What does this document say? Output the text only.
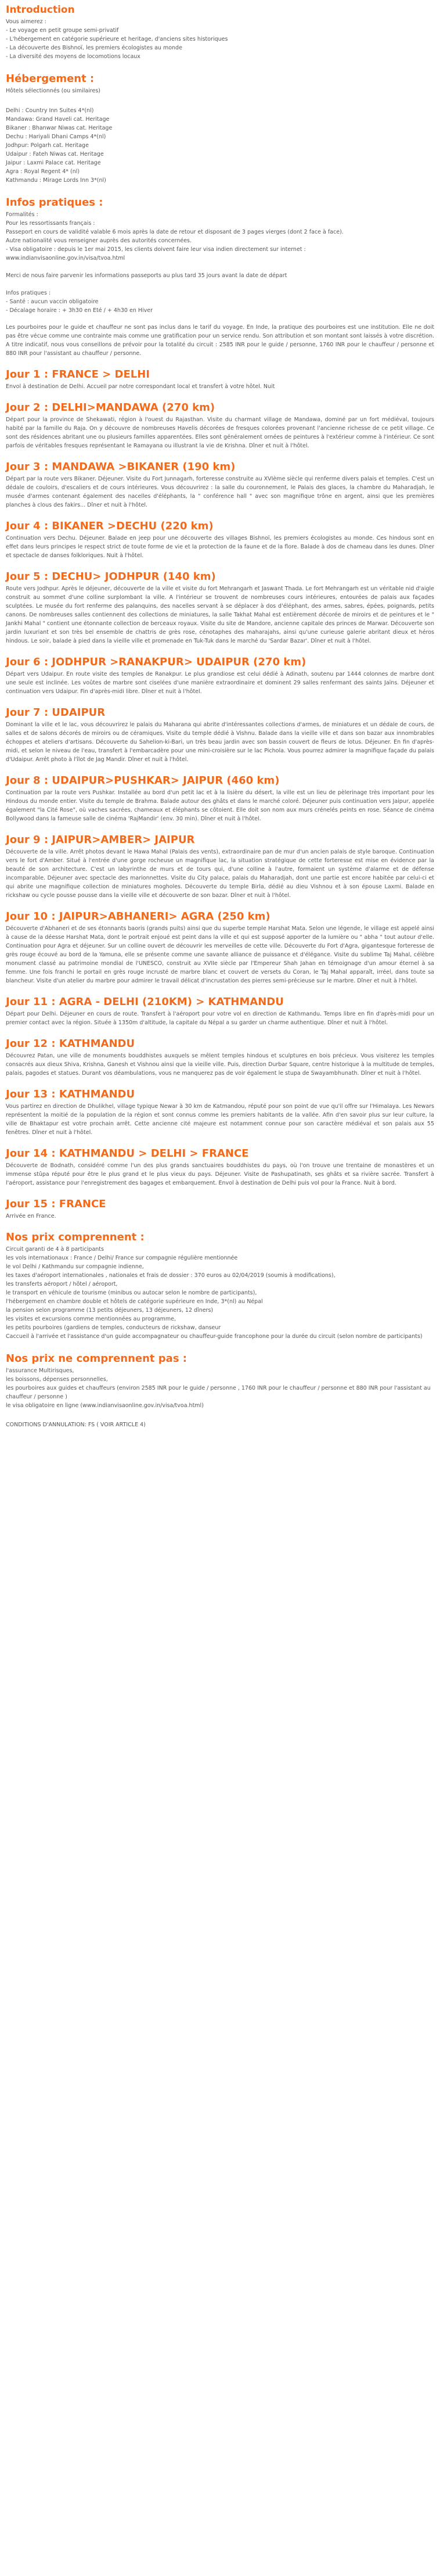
Introduction
Vous aimerez :
- Le voyage en petit groupe semi-privatif
- L'hébergement en catégorie supérieure et heritage, d'anciens sites historiques
- La découverte des Bishnoï, les premiers écologistes au monde
- La diversité des moyens de locomotions locaux
Hébergement :
Hôtels sélectionnés (ou similaires)
Delhi : Country Inn Suites 4*(nl)
Mandawa: Grand Haveli cat. Heritage
Bikaner : Bhanwar Niwas cat. Heritage
Dechu : Hariyali Dhani Camps 4*(nl)
Jodhpur: Polgarh cat. Heritage
Udaipur : Fateh Niwas cat. Heritage
Jaipur : Laxmi Palace cat. Heritage
Agra : Royal Regent 4* (nl)
Kathmandu : Mirage Lords Inn 3*(nl)
Infos pratiques :
Formalités :
Pour les ressortissants français :
Passeport en cours de validité valable 6 mois après la date de retour et disposant de 3 pages vierges (dont 2 face à face).
Autre nationalité vous renseigner auprès des autorités concernées.
- Visa obligatoire : depuis le 1er mai 2015, les clients doivent faire leur visa indien directement sur internet :
www.indianvisaonline.gov.in/visa/tvoa.html
Merci de nous faire parvenir les informations passeports au plus tard 35 jours avant la date de départ
Infos pratiques :
- Santé : aucun vaccin obligatoire
- Décalage horaire : + 3h30 en Eté / + 4h30 en Hiver

Les pourboires pour le guide et chauffeur ne sont pas inclus dans le tarif du voyage. En Inde, la pratique des pourboires est une institution. Elle ne doit pas être vécue comme une contrainte mais comme une gratification pour un service rendu. Son attribution et son montant sont laissés à votre discrétion. A titre indicatif, nous vous conseillons de prévoir pour la totalité du circuit : 2585 INR pour le guide / personne, 1760 INR pour le chauffeur / personne et 880 INR pour l'assistant au chauffeur / personne.

Jour 1 : FRANCE > DELHI

Envol à destination de Delhi. Accueil par notre correspondant local et transfert à votre hôtel. Nuit

Jour 2 : DELHI>MANDAWA (270 km)

Départ pour la province de Shekawati, région à l'ouest du Rajasthan. Visite du charmant village de Mandawa, dominé par un fort médiéval, toujours habité par la famille du Raja. On y découvre de nombreuses Havelis décorées de fresques colorées provenant l'ancienne richesse de ce petit village. Ce sont des résidences abritant une ou plusieurs familles apparentées. Elles sont généralement ornées de peintures à l'extérieur comme à l'intérieur. Ce sont parfois de véritables fresques représentant le Ramayana ou illustrant la vie de Krishna. Dîner et nuit à l'hôtel.

Jour 3 : MANDAWA >BIKANER (190 km)

Départ par la route vers Bikaner. Déjeuner. Visite du Fort Junnagarh, forteresse construite au XVIème siècle qui renferme divers palais et temples. C'est un dédale de couloirs, d'escaliers et de cours intérieures. Vous découvrirez : la salle du couronnement, le Palais des glaces, la chambre du Maharadjah, le musée d'armes contenant également des nacelles d'éléphants, la " conférence hall " avec son magnifique trône en argent, ainsi que les premières planches à clous des fakirs... Dîner et nuit à l'hôtel.

Jour 4 : BIKANER >DECHU (220 km)

Continuation vers Dechu. Déjeuner. Balade en jeep pour une découverte des villages Bishnoï, les premiers écologistes au monde. Ces hindous sont en effet dans leurs principes le respect strict de toute forme de vie et la protection de la faune et de la flore. Balade à dos de chameau dans les dunes. Dîner et spectacle de danses folkloriques. Nuit à l'hôtel.

Jour 5 : DECHU> JODHPUR (140 km)

Route vers Jodhpur. Après le déjeuner, découverte de la ville et visite du fort Mehrangarh et Jaswant Thada. Le fort Mehrangarh est un véritable nid d'aigle construit au sommet d'une colline surplombant la ville. A l'intérieur se trouvent de nombreuses cours intérieures, entourées de palais aux façades sculptées. Le musée du fort renferme des palanquins, des nacelles servant à se déplacer à dos d'éléphant, des armes, sabres, épées, poignards, petits canons. De nombreuses salles contiennent des collections de miniatures, la salle Takhat Mahal est entièrement décorée de miroirs et de peintures et le " Jankhi Mahal " contient une étonnante collection de berceaux royaux. Visite du site de Mandore, ancienne capitale des princes de Marwar. Découverte son jardin luxuriant et son très bel ensemble de chattris de grès rose, cénotaphes des maharajahs, ainsi qu'une curieuse galerie abritant dieux et héros hindous. Le soir, balade à pied dans la vieille ville et promenade en Tuk-Tuk dans le marché du 'Sardar Bazar'. Dîner et nuit à l'hôtel.

Jour 6 : JODHPUR >RANAKPUR> UDAIPUR (270 km)

Départ vers Udaipur. En route visite des temples de Ranakpur. Le plus grandiose est celui dédié à Adinath, soutenu par 1444 colonnes de marbre dont une seule est inclinée. Les voûtes de marbre sont ciselées d'une manière extraordinaire et dominent 29 salles renfermant des saints Jaïns. Déjeuner et continuation vers Udaipur. Fin d'après-midi libre. Dîner et nuit à l'hôtel.

Jour 7 : UDAIPUR

Dominant la ville et le lac, vous découvrirez le palais du Maharana qui abrite d'intéressantes collections d'armes, de miniatures et un dédale de cours, de salles et de salons décorés de miroirs ou de céramiques. Visite du temple dédié à Vishnu. Balade dans la vieille ville et dans son bazar aux innombrables échoppes et ateliers d'artisans. Découverte du Sahelion-ki-Bari, un très beau jardin avec son bassin couvert de fleurs de lotus. Déjeuner. En fin d'après-midi, et selon le niveau de l'eau, transfert à l'embarcadère pour une mini-croisière sur le lac Pichola. Vous pourrez admirer la magnifique façade du palais d'Udaipur. Arrêt photo à l'îlot de Jag Mandir. Dîner et nuit à l'hôtel.

Jour 8 : UDAIPUR>PUSHKAR> JAIPUR (460 km)

Continuation par la route vers Pushkar. Installée au bord d'un petit lac et à la lisière du désert, la ville est un lieu de pèlerinage très important pour les Hindous du monde entier. Visite du temple de Brahma. Balade autour des ghâts et dans le marché coloré. Déjeuner puis continuation vers Jaipur, appelée également "la Cité Rose", où vaches sacrées, chameaux et éléphants se côtoient. Elle doit son nom aux murs crénelés peints en rose. Séance de cinéma Bollywood dans la fameuse salle de cinéma 'RajMandir' (env. 30 min). Dîner et nuit à l'hôtel.

Jour 9 : JAIPUR>AMBER> JAIPUR

Découverte de la ville. Arrêt photos devant le Hawa Mahal (Palais des vents), extraordinaire pan de mur d'un ancien palais de style baroque. Continuation vers le fort d'Amber. Situé à l'entrée d'une gorge rocheuse un magnifique lac, la situation stratégique de cette forteresse est mise en évidence par la beauté de son architecture. C'est un labyrinthe de murs et de tours qui, d'une colline à l'autre, formaient un système d'alarme et de défense incomparable. Déjeuner avec spectacle des marionnettes. Visite du City palace, palais du Maharadjah, dont une partie est encore habitée par celui-ci et qui abrite une magnifique collection de miniatures mogholes. Découverte du temple Birla, dédié au dieu Vishnou et à son épouse Laxmi. Balade en rickshaw ou cycle pousse pousse dans la vieille ville et découverte de son bazar. Dîner et nuit à l'hôtel.

Jour 10 : JAIPUR>ABHANERI> AGRA (250 km)

Découverte d'Abhaneri et de ses étonnants baoris (grands puits) ainsi que du superbe temple Harshat Mata. Selon une légende, le village est appelé ainsi à cause de la déesse Harshat Mata, dont le portrait enjoué est peint dans la ville et qui est supposé apporter de la lumière ou " abha " tout autour d'elle. Continuation pour Agra et déjeuner. Sur un colline ouvert de découvrir les merveilles de cette ville. Découverte du Fort d'Agra, gigantesque forteresse de grès rouge écouvé au bord de la Yamuna, elle se présente comme une savante alliance de puissance et d'élégance. Visite du sublime Taj Mahal, célèbre monument classé au patrimoine mondial de l'UNESCO, construit au XVIIe siècle par l'Empereur Shah Jahan en témoignage d'un amour éternel à sa femme. Une fois franchi le portail en grès rouge incrusté de marbre blanc et couvert de versets du Coran, le Taj Mahal apparaît, irréel, dans toute sa blancheur. Visite d'un atelier du marbre pour admirer le travail délicat d'incrustation des pierres semi-précieuse sur le marbre. Dîner et nuit à l'hôtel.

Jour 11 : AGRA - DELHI (210KM) > KATHMANDU

Départ pour Delhi. Déjeuner en cours de route. Transfert à l'aéroport pour votre vol en direction de Kathmandu. Temps libre en fin d'après-midi pour un premier contact avec la région. Située à 1350m d'altitude, la capitale du Népal a su garder un charme authentique. Dîner et nuit à l'hôtel.

Jour 12 : KATHMANDU

Découvrez Patan, une ville de monuments bouddhistes auxquels se mêlent temples hindous et sculptures en bois précieux. Vous visiterez les temples consacrés aux dieux Shiva, Krishna, Ganesh et Vishnou ainsi que la vieille ville. Puis, direction Durbar Square, centre historique à la multitude de temples, palais, pagodes et statues. Durant vos déambulations, vous ne manquerez pas de voir également le stupa de Swayambhunath. Dîner et nuit à l'hôtel.

Jour 13 : KATHMANDU

Vous partirez en direction de Dhulikhel, village typique Newar à 30 km de Katmandou, réputé pour son point de vue qu'il offre sur l'Himalaya. Les Newars représentent la moitié de la population de la région et sont connus comme les premiers habitants de la vallée. Afin d'en savoir plus sur leur culture, la ville de Bhaktapur est votre prochain arrêt. Cette ancienne cité majeure est notamment connue pour son caractère médiéval et son palais aux 55 fenêtres. Dîner et nuit à l'hôtel.

Jour 14 : KATHMANDU > DELHI > FRANCE

Découverte de Bodnath, considéré comme l'un des plus grands sanctuaires bouddhistes du pays, où l'on trouve une trentaine de monastères et un immense stûpa réputé pour être le plus grand et le plus vieux du pays. Déjeuner. Visite de Pashupatinath, ses ghâts et sa rivière sacrée. Transfert à l'aéroport, assistance pour l'enregistrement des bagages et embarquement. Envol à destination de Delhi puis vol pour la France. Nuit à bord.

Jour 15 : FRANCE

Arrivée en France.

Nos prix comprennent :
Circuit garanti de 4 à 8 participants
les vols internationaux : France / Delhi/ France sur compagnie régulière mentionnée
le vol Delhi / Kathmandu sur compagnie indienne,
les taxes d'aéroport internationales , nationales et frais de dossier : 370 euros au 02/04/2019 (soumis à modifications),
les transferts aéroport / hôtel / aéroport,
le transport en véhicule de tourisme (minibus ou autocar selon le nombre de participants),
l'hébergement en chambre double et hôtels de catégorie supérieure en Inde, 3*(nl) au Népal
la pension selon programme (13 petits déjeuners, 13 déjeuners, 12 dîners)
les visites et excursions comme mentionnées au programme,
les petits pourboires (gardiens de temples, conducteurs de rickshaw, danseur
Caccueil à l'arrivée et l'assistance d'un guide accompagnateur ou chauffeur-guide francophone pour la durée du circuit (selon nombre de participants)
Nos prix ne comprennent pas :
l'assurance Multirisques,
les boissons, dépenses personnelles,
les pourboires aux guides et chauffeurs (environ 2585 INR pour le guide / personne , 1760 INR pour le chauffeur / personne et 880 INR pour l'assistant au chauffeur / personne )
le visa obligatoire en ligne (www.indianvisaonline.gov.in/visa/tvoa.html)
CONDITIONS D'ANNULATION: FS ( VOIR ARTICLE 4)
